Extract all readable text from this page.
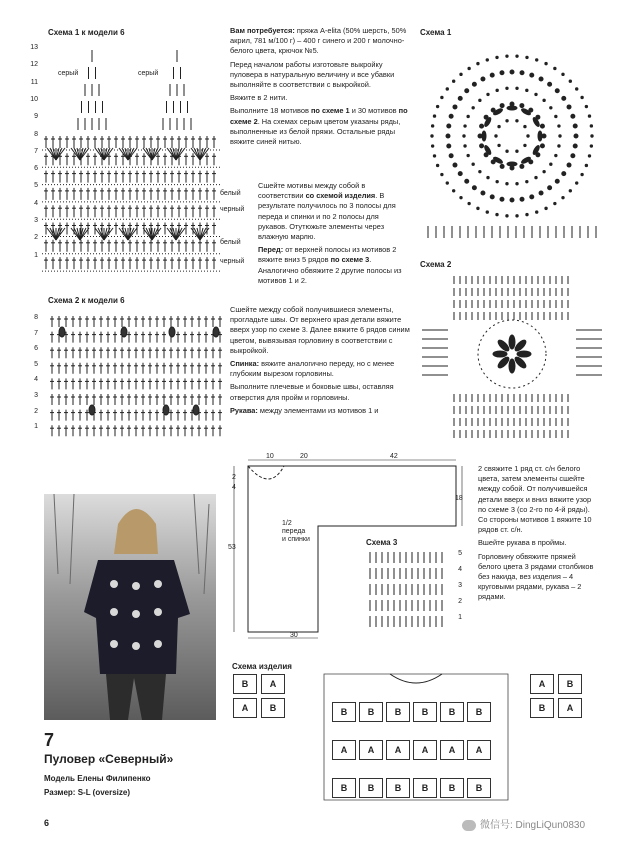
Схема 1 к модели 6
13
12
11
10
9
8
7
6
5
4
3
2
1
серый	серый
белый
черный
белый
черный
Схема 2 к модели 6
8
7
6
5
4
3
2
1

Вам потребуется: пряжа A-elita (50% шерсть, 50% акрил, 781 м/100 г) – 400 г синего и 200 г молочно-белого цвета, крючок №5.

Перед началом работы изготовьте выкройку пуловера в натуральную величину и все убавки выполняйте в соответствии с выкройкой.

Вяжите в 2 нити.

Выполните 18 мотивов по схеме 1 и 30 мотивов по схеме 2. На схемах серым цветом указаны ряды, выполненные из белой пряжи. Остальные ряды вяжите синей нитью.

Сшейте мотивы между собой в соответствии со схемой изделия. В результате получилось по 3 полосы для переда и спинки и по 2 полосы для рукавов. Отутюжьте элементы через влажную марлю.

Перед: от верхней полосы из мотивов 2 вяжите вниз 5 рядов по схеме 3. Аналогично обвяжите 2 другие полосы из мотивов 1 и 2.

Сшейте между собой получившиеся элементы, прогладьте швы. От верхнего края детали вяжите вверх узор по схеме 3. Далее вяжите 6 рядов синим цветом, вывязывая горловину в соответствии с выкройкой.

Спинка: вяжите аналогично переду, но с менее глубоким вырезом горловины.

Выполните плечевые и боковые швы, оставляя отверстия для пройм и горловины.

Рукава: между элементами из мотивов 1 и

2 свяжите 1 ряд ст. с/н белого цвета, затем элементы сшейте между собой. От получившейся детали вверх и вниз вяжите узор по схеме 3 (со 2-го по 4-й ряды). Со стороны мотивов 1 вяжите 10 рядов ст. с/н.

Вшейте рукава в проймы.

Горловину обвяжите пряжей белого цвета 3 рядами столбиков без накида, вез изделия – 4 круговыми рядами, рукава – 2 рядами.

Схема 1
Схема 2
10	20	42
2
4
18
53
30
1/2
переда
и спинки	Схема 3
5
4
3
2
1
7
Пуловер «Северный»
Модель Елены Филипенко
Размер: S-L (oversize)
Схема изделия
B	A
A	B
A	B
B	A
B	B	B	B	B	B
A	A	A	A	A	A
B	B	B	B	B	B
6	微信号: DingLiQun0830
